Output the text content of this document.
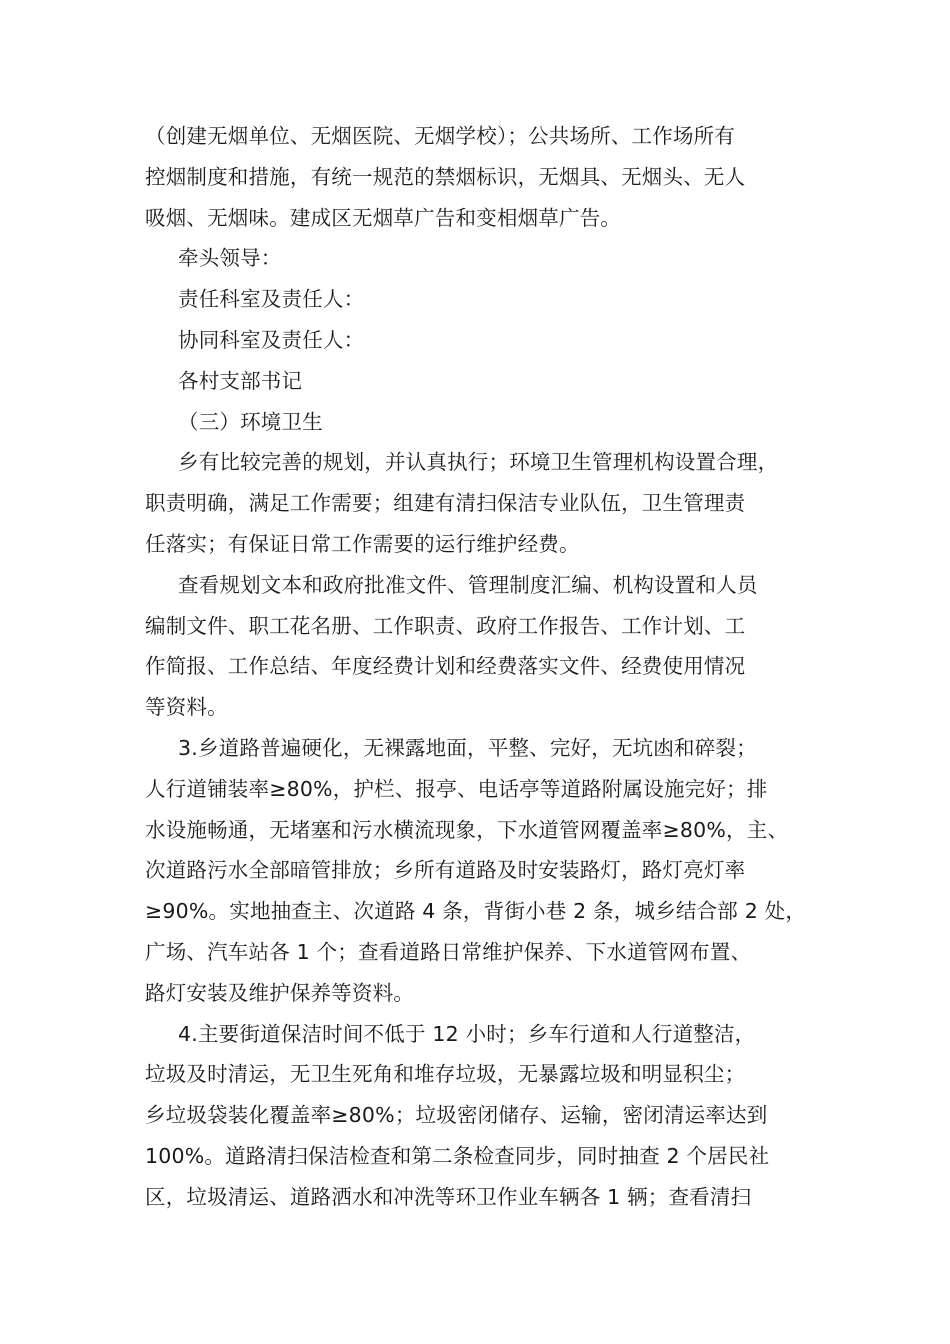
（创建无烟单位、无烟医院、无烟学校）；公共场所、工作场所有
控烟制度和措施，有统一规范的禁烟标识，无烟具、无烟头、无人
吸烟、无烟味。建成区无烟草广告和变相烟草广告。
牵头领导：
责任科室及责任人：
协同科室及责任人：
各村支部书记
（三）环境卫生
乡有比较完善的规划，并认真执行；环境卫生管理机构设置合理，
职责明确，满足工作需要；组建有清扫保洁专业队伍，卫生管理责
任落实；有保证日常工作需要的运行维护经费。
查看规划文本和政府批准文件、管理制度汇编、机构设置和人员
编制文件、职工花名册、工作职责、政府工作报告、工作计划、工
作简报、工作总结、年度经费计划和经费落实文件、经费使用情况
等资料。
3.乡道路普遍硬化，无裸露地面，平整、完好，无坑凼和碎裂；
人行道铺装率≥80%，护栏、报亭、电话亭等道路附属设施完好；排
水设施畅通，无堵塞和污水横流现象，下水道管网覆盖率≥80%，主、
次道路污水全部暗管排放；乡所有道路及时安装路灯，路灯亮灯率
≥90%。实地抽查主、次道路 4 条，背街小巷 2 条，城乡结合部 2 处，
广场、汽车站各 1 个；查看道路日常维护保养、下水道管网布置、
路灯安装及维护保养等资料。
4.主要街道保洁时间不低于 12 小时；乡车行道和人行道整洁，
垃圾及时清运，无卫生死角和堆存垃圾，无暴露垃圾和明显积尘；
乡垃圾袋装化覆盖率≥80%；垃圾密闭储存、运输，密闭清运率达到
100%。道路清扫保洁检查和第二条检查同步，同时抽查 2 个居民社
区，垃圾清运、道路洒水和冲洗等环卫作业车辆各 1 辆；查看清扫
